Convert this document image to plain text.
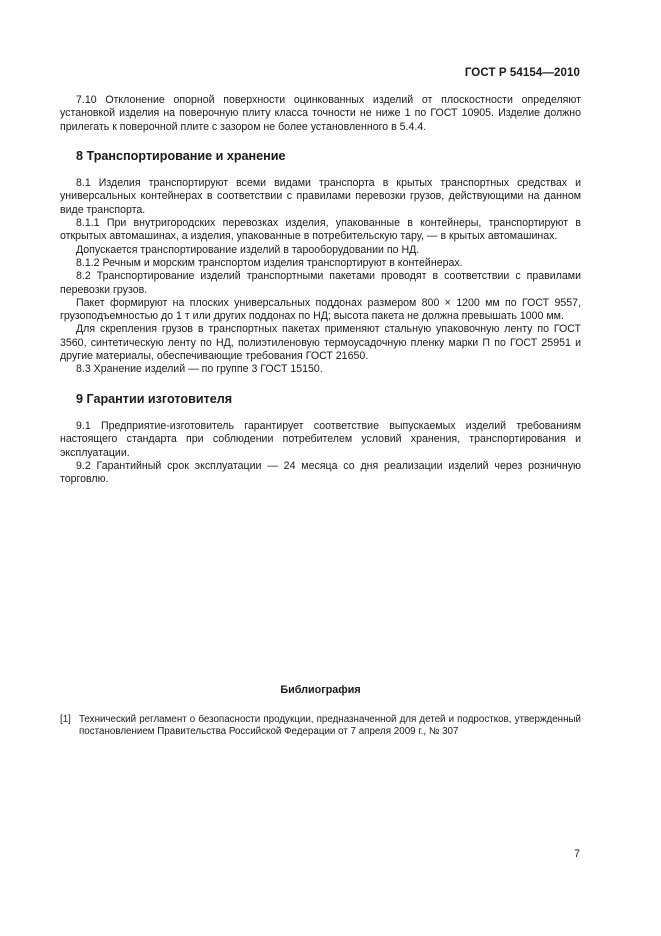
ГОСТ Р 54154—2010

7.10 Отклонение опорной поверхности оцинкованных изделий от плоскостности определяют установкой изделия на поверочную плиту класса точности не ниже 1 по ГОСТ 10905. Изделие должно прилегать к поверочной плите с зазором не более установленного в 5.4.4.

8 Транспортирование и хранение

8.1 Изделия транспортируют всеми видами транспорта в крытых транспортных средствах и универсальных контейнерах в соответствии с правилами перевозки грузов, действующими на данном виде транспорта.

8.1.1 При внутригородских перевозках изделия, упакованные в контейнеры, транспортируют в открытых автомашинах, а изделия, упакованные в потребительскую тару, — в крытых автомашинах.

Допускается транспортирование изделий в тарооборудовании по НД.

8.1.2 Речным и морским транспортом изделия транспортируют в контейнерах.

8.2 Транспортирование изделий транспортными пакетами проводят в соответствии с правилами перевозки грузов.

Пакет формируют на плоских универсальных поддонах размером 800 × 1200 мм по ГОСТ 9557, грузоподъемностью до 1 т или других поддонах по НД; высота пакета не должна превышать 1000 мм.

Для скрепления грузов в транспортных пакетах применяют стальную упаковочную ленту по ГОСТ 3560, синтетическую ленту по НД, полиэтиленовую термоусадочную пленку марки П по ГОСТ 25951 и другие материалы, обеспечивающие требования ГОСТ 21650.

8.3 Хранение изделий — по группе 3 ГОСТ 15150.

9 Гарантии изготовителя

9.1 Предприятие-изготовитель гарантирует соответствие выпускаемых изделий требованиям настоящего стандарта при соблюдении потребителем условий хранения, транспортирования и эксплуатации.

9.2 Гарантийный срок эксплуатации — 24 месяца со дня реализации изделий через розничную торговлю.

Библиография
[1] Технический регламент о безопасности продукции, предназначенной для детей и подростков, утвержденный постановлением Правительства Российской Федерации от 7 апреля 2009 г., № 307
7
